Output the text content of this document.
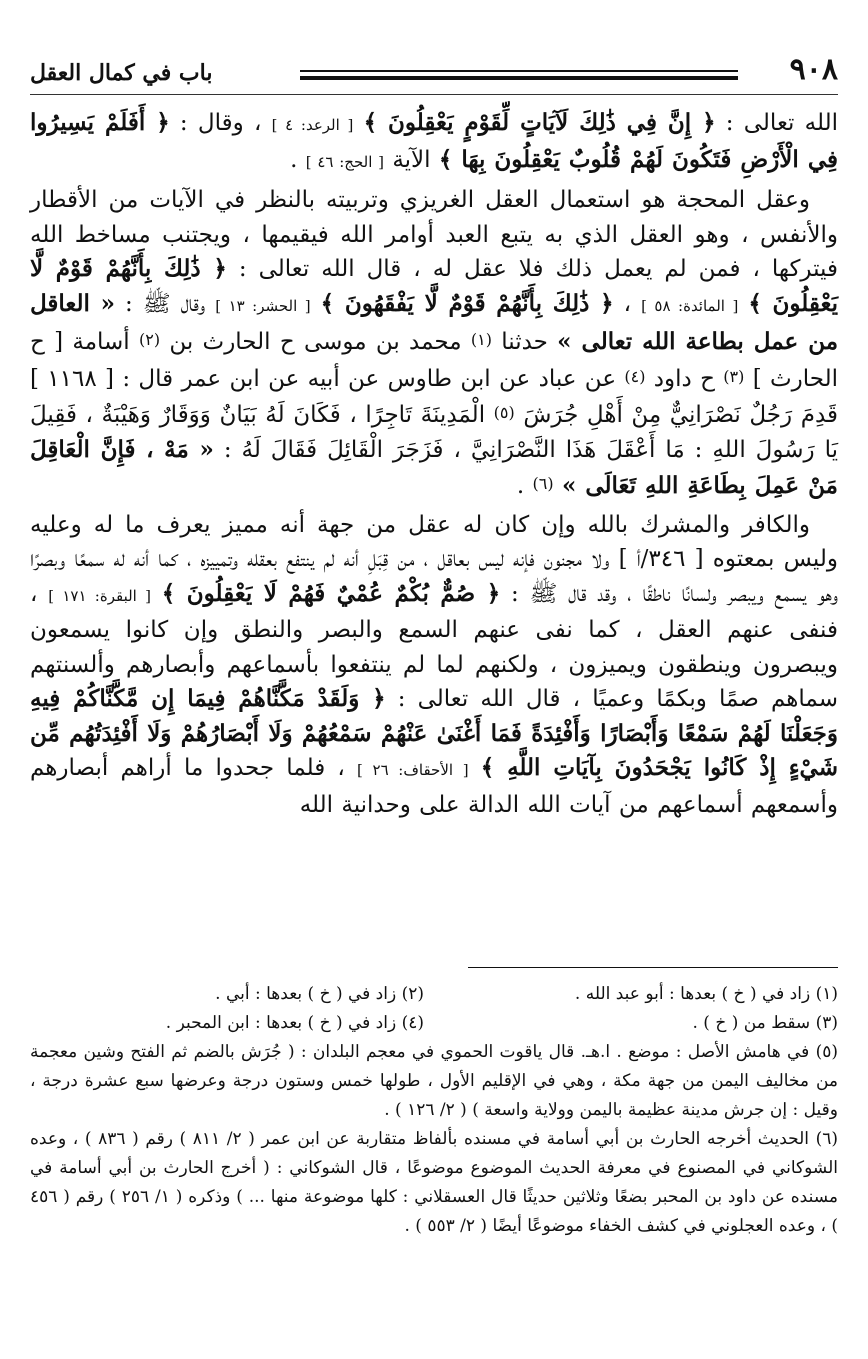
٩٠٨
باب في كمال العقل

الله تعالى : ﴿ إِنَّ فِي ذَٰلِكَ لَآيَاتٍ لِّقَوْمٍ يَعْقِلُونَ ﴾ [ الرعد: ٤ ] ، وقال : ﴿ أَفَلَمْ يَسِيرُوا فِي الْأَرْضِ فَتَكُونَ لَهُمْ قُلُوبٌ يَعْقِلُونَ بِهَا ﴾ الآية [ الحج: ٤٦ ] .

وعقل المحجة هو استعمال العقل الغريزي وتربيته بالنظر في الآيات من الأقطار والأنفس ، وهو العقل الذي به يتبع العبد أوامر الله فيقيمها ، ويجتنب مساخط الله فيتركها ، فمن لم يعمل ذلك فلا عقل له ، قال الله تعالى : ﴿ ذَٰلِكَ بِأَنَّهُمْ قَوْمٌ لَّا يَعْقِلُونَ ﴾ [ المائدة: ٥٨ ] ، ﴿ ذَٰلِكَ بِأَنَّهُمْ قَوْمٌ لَّا يَفْقَهُونَ ﴾ [ الحشر: ١٣ ] وقال ﷺ : « العاقل من عمل بطاعة الله تعالى » حدثنا (١) محمد بن موسى ح الحارث بن (٢) أسامة [ ح الحارث ] (٣) ح داود (٤) عن عباد عن ابن طاوس عن أبيه عن ابن عمر قال : [ ١١٦٨ ] قَدِمَ رَجُلٌ نَصْرَانِيٌّ مِنْ أَهْلِ جُرَشَ (٥) الْمَدِينَةَ تَاجِرًا ، فَكَانَ لَهُ بَيَانٌ وَوَقَارٌ وَهَيْبَةٌ ، فَقِيلَ يَا رَسُولَ اللهِ : مَا أَعْقَلَ هَذَا النَّصْرَانِيَّ ، فَزَجَرَ الْقَائِلَ فَقَالَ لَهُ : « مَهْ ، فَإِنَّ الْعَاقِلَ مَنْ عَمِلَ بِطَاعَةِ اللهِ تَعَالَى » (٦) .

والكافر والمشرك بالله وإن كان له عقل من جهة أنه مميز يعرف ما له وعليه وليس بمعتوه [ ٣٤٦/أ ] ولا مجنون فإنه ليس بعاقل ، من قِبَلِ أنه لم ينتفع بعقله وتمييزه ، كما أنه له سمعًا وبصرًا وهو يسمع ويبصر ولسانًا ناطقًا ، وقد قال ﷺ : ﴿ صُمٌّ بُكْمٌ عُمْيٌ فَهُمْ لَا يَعْقِلُونَ ﴾ [ البقرة: ١٧١ ] ، فنفى عنهم العقل ، كما نفى عنهم السمع والبصر والنطق وإن كانوا يسمعون ويبصرون وينطقون ويميزون ، ولكنهم لما لم ينتفعوا بأسماعهم وأبصارهم وألسنتهم سماهم صمًا وبكمًا وعميًا ، قال الله تعالى : ﴿ وَلَقَدْ مَكَّنَّاهُمْ فِيمَا إِن مَّكَّنَّاكُمْ فِيهِ وَجَعَلْنَا لَهُمْ سَمْعًا وَأَبْصَارًا وَأَفْئِدَةً فَمَا أَغْنَىٰ عَنْهُمْ سَمْعُهُمْ وَلَا أَبْصَارُهُمْ وَلَا أَفْئِدَتُهُم مِّن شَيْءٍ إِذْ كَانُوا يَجْحَدُونَ بِآيَاتِ اللَّهِ ﴾ [ الأحقاف: ٢٦ ] ، فلما جحدوا ما أراهم أبصارهم وأسمعهم أسماعهم من آيات الله الدالة على وحدانية الله

(١) زاد في ( خ ) بعدها : أبو عبد الله .
(٢) زاد في ( خ ) بعدها : أبي .
(٣) سقط من ( خ ) .
(٤) زاد في ( خ ) بعدها : ابن المحبر .

(٥) في هامش الأصل : موضع . ا.هـ. قال ياقوت الحموي في معجم البلدان : ( جُرَش بالضم ثم الفتح وشين معجمة من مخاليف اليمن من جهة مكة ، وهي في الإقليم الأول ، طولها خمس وستون درجة وعرضها سبع عشرة درجة ، وقيل : إن جرش مدينة عظيمة باليمن وولاية واسعة ) ( ٢/ ١٢٦ ) .

(٦) الحديث أخرجه الحارث بن أبي أسامة في مسنده بألفاظ متقاربة عن ابن عمر ( ٢/ ٨١١ ) رقم ( ٨٣٦ ) ، وعده الشوكاني في المصنوع في معرفة الحديث الموضوع موضوعًا ، قال الشوكاني : ( أخرج الحارث بن أبي أسامة في مسنده عن داود بن المحبر بضعًا وثلاثين حديثًا قال العسقلاني : كلها موضوعة منها ... ) وذكره ( ١/ ٢٥٦ ) رقم ( ٤٥٦ ) ، وعده العجلوني في كشف الخفاء موضوعًا أيضًا ( ٢/ ٥٥٣ ) .
